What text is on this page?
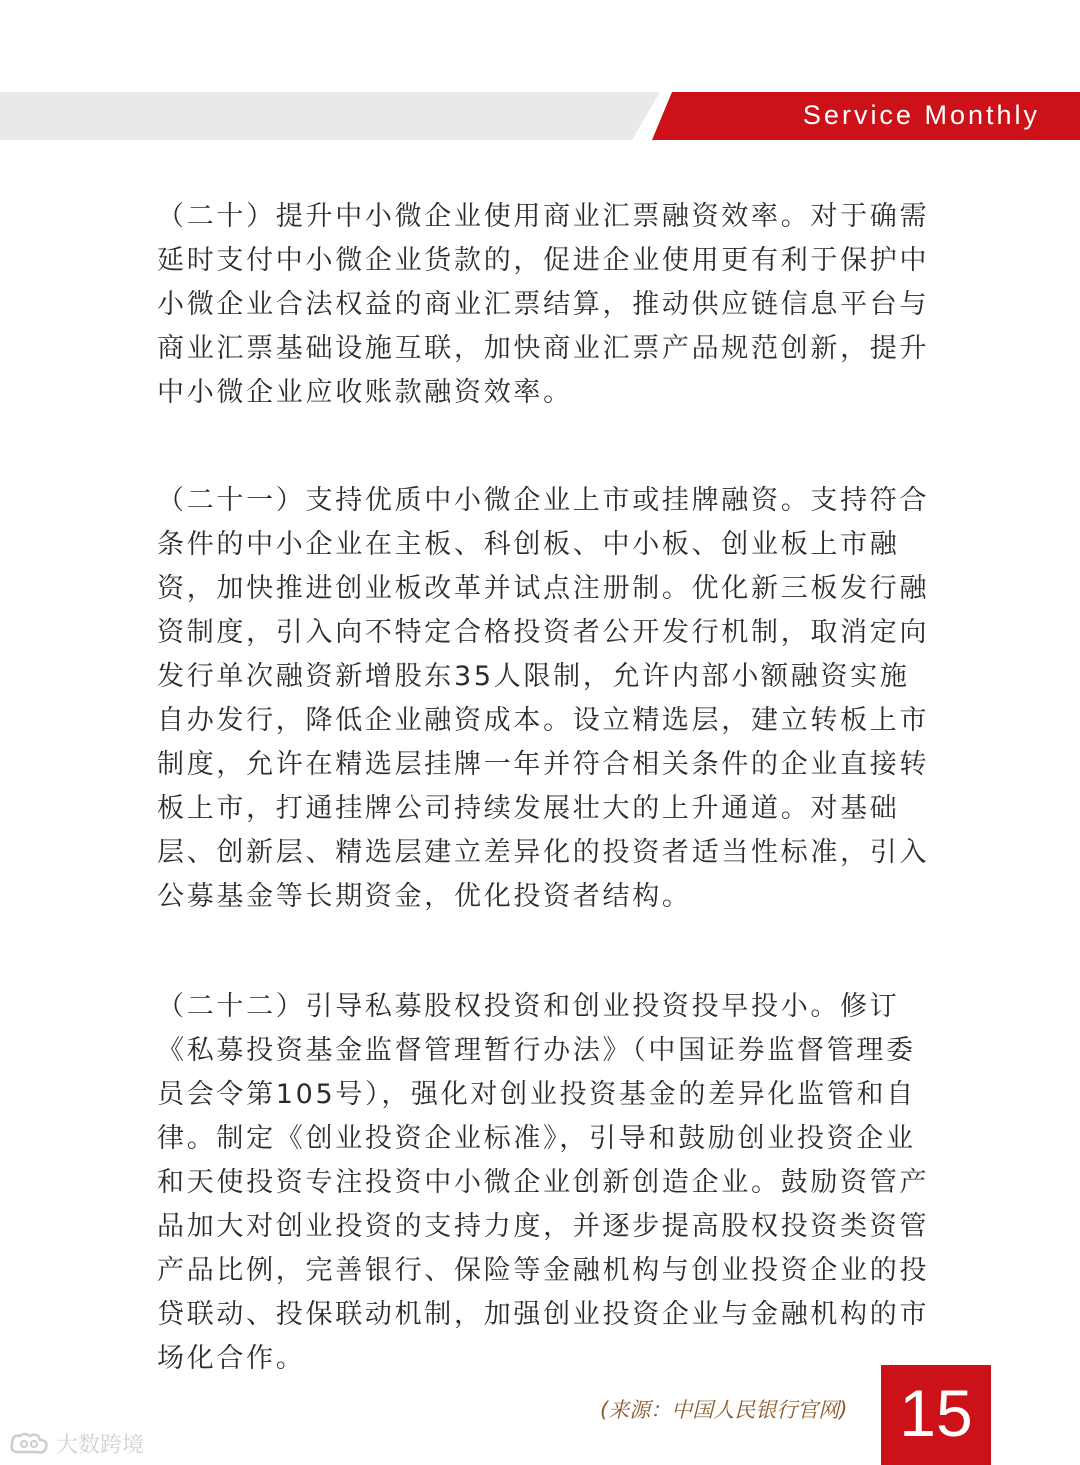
Service Monthly

（二十）提升中小微企业使用商业汇票融资效率。对于确需延时支付中小微企业货款的，促进企业使用更有利于保护中小微企业合法权益的商业汇票结算，推动供应链信息平台与商业汇票基础设施互联，加快商业汇票产品规范创新，提升中小微企业应收账款融资效率。

（二十一）支持优质中小微企业上市或挂牌融资。支持符合条件的中小企业在主板、科创板、中小板、创业板上市融资，加快推进创业板改革并试点注册制。优化新三板发行融资制度，引入向不特定合格投资者公开发行机制，取消定向发行单次融资新增股东35人限制，允许内部小额融资实施自办发行，降低企业融资成本。设立精选层，建立转板上市制度，允许在精选层挂牌一年并符合相关条件的企业直接转板上市，打通挂牌公司持续发展壮大的上升通道。对基础层、创新层、精选层建立差异化的投资者适当性标准，引入公募基金等长期资金，优化投资者结构。

（二十二）引导私募股权投资和创业投资投早投小。修订《私募投资基金监督管理暂行办法》（中国证券监督管理委员会令第105号），强化对创业投资基金的差异化监管和自律。制定《创业投资企业标准》，引导和鼓励创业投资企业和天使投资专注投资中小微企业创新创造企业。鼓励资管产品加大对创业投资的支持力度，并逐步提高股权投资类资管产品比例，完善银行、保险等金融机构与创业投资企业的投贷联动、投保联动机制，加强创业投资企业与金融机构的市场化合作。

(来源：中国人民银行官网) 15
大数跨境
